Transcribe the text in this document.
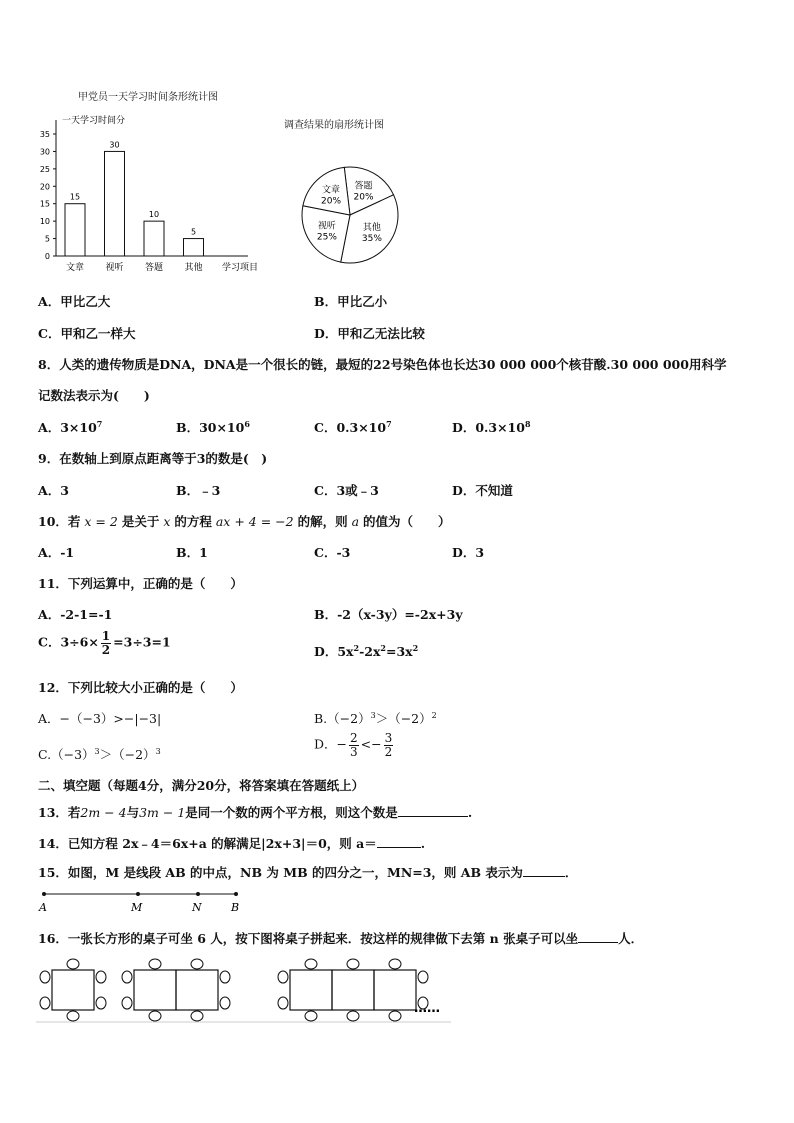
甲党员一天学习时间条形统计图
一天学习时间分
学习项目
35
30
25
20
15
10
5
0
15
文章
30
视听
10
答题
5
其他
调查结果的扇形统计图
答题
20%
其他
35%
视听
25%
文章
20%
A．甲比乙大	B．甲比乙小
C．甲和乙一样大	D．甲和乙无法比较
8．人类的遗传物质是DNA，DNA是一个很长的链，最短的22号染色体也长达30 000 000个核苷酸.30 000 000用科学
记数法表示为(　　)
A．$3\times 10^7$	B．$30\times 10^6$	C．$0.3\times 10^7$	D．$0.3\times 10^8$
9．在数轴上到原点距离等于3的数是(　)
A．3	B．﹣3	C．3或﹣3	D．不知道
10．若 x = 2 是关于 x 的方程 ax + 4 = −2 的解，则 a 的值为（　　）
A．-1	B．1	C．-3	D．3
11．下列运算中，正确的是（　　）
A．-2-1=-1	B．-2（x-3y）=-2x+3y
C．$3\div 6\times \frac{1}{2} =3\div 3=1$
D．$5x^2-2x^2=3x^2$
12．下列比较大小正确的是（　　）
A．−（−3）>−|−3|	$B.(-2)^3>(-2)^2$
$C.(-3)^3>(-2)^3$	D．− $\frac{2}{3} <- \frac{3}{2}$
二、填空题（每题4分，满分20分，将答案填在答题纸上）
13．若2m − 4与3m − 1是同一个数的两个平方根，则这个数是	.
14．已知方程 2x﹣4＝6x+a 的解满足|2x+3|＝0，则 a＝	.
15．如图，M 是线段 AB 的中点，NB 为 MB 的四分之一，MN=3，则 AB 表示为	．
A	M	N	B
16．一张长方形的桌子可坐 6 人，按下图将桌子拼起来．按这样的规律做下去第 n 张桌子可以坐	人．
……
